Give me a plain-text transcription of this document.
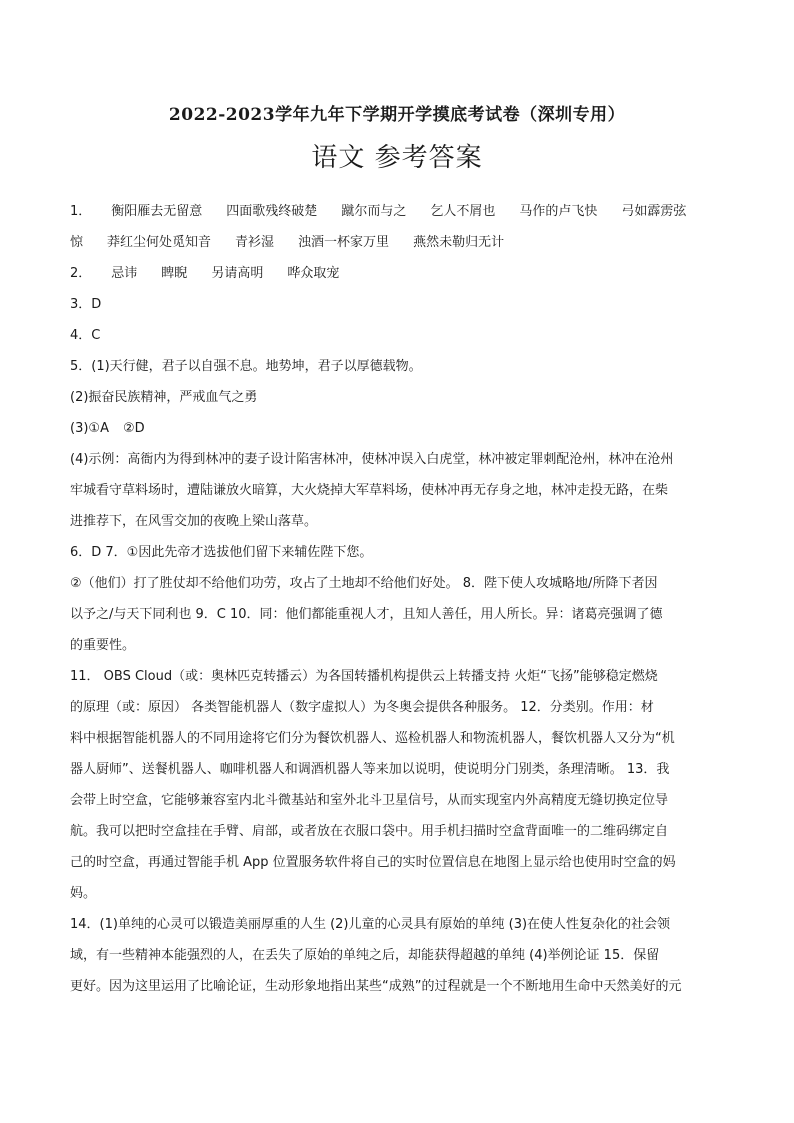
2022-2023学年九年下学期开学摸底考试卷（深圳专用）
语文 参考答案
1． 衡阳雁去无留意 四面歌残终破楚 蹴尔而与之 乞人不屑也 马作的卢飞快 弓如霹雳弦
惊 莽红尘何处觅知音 青衫湿 浊酒一杯家万里 燕然未勒归无计
2． 忌讳 睥睨 另请高明 哗众取宠
3．D
4．C
5．(1)天行健，君子以自强不息。地势坤，君子以厚德载物。
(2)振奋民族精神，严戒血气之勇
(3)①A ②D
(4)示例：高衙内为得到林冲的妻子设计陷害林冲，使林冲误入白虎堂，林冲被定罪刺配沧州，林冲在沧州
牢城看守草料场时，遭陆谦放火暗算，大火烧掉大军草料场，使林冲再无存身之地，林冲走投无路，在柴
进推荐下，在风雪交加的夜晚上梁山落草。
6．D 7．①因此先帝才选拔他们留下来辅佐陛下您。
②（他们）打了胜仗却不给他们功劳，攻占了土地却不给他们好处。 8．陛下使人攻城略地/所降下者因
以予之/与天下同利也 9．C 10．同：他们都能重视人才，且知人善任，用人所长。异：诸葛亮强调了德
的重要性。
11． OBS Cloud（或：奥林匹克转播云）为各国转播机构提供云上转播支持 火炬“飞扬”能够稳定燃烧
的原理（或：原因） 各类智能机器人（数字虚拟人）为冬奥会提供各种服务。 12．分类别。作用：材
料中根据智能机器人的不同用途将它们分为餐饮机器人、巡检机器人和物流机器人，餐饮机器人又分为“机
器人厨师”、送餐机器人、咖啡机器人和调酒机器人等来加以说明，使说明分门别类，条理清晰。 13．我
会带上时空盒，它能够兼容室内北斗微基站和室外北斗卫星信号，从而实现室内外高精度无缝切换定位导
航。我可以把时空盒挂在手臂、肩部，或者放在衣服口袋中。用手机扫描时空盒背面唯一的二维码绑定自
己的时空盒，再通过智能手机 App 位置服务软件将自己的实时位置信息在地图上显示给也使用时空盒的妈
妈。
14．(1)单纯的心灵可以锻造美丽厚重的人生 (2)儿童的心灵具有原始的单纯 (3)在使人性复杂化的社会领
域，有一些精神本能强烈的人，在丢失了原始的单纯之后，却能获得超越的单纯 (4)举例论证 15．保留
更好。因为这里运用了比喻论证，生动形象地指出某些“成熟”的过程就是一个不断地用生命中天然美好的元
